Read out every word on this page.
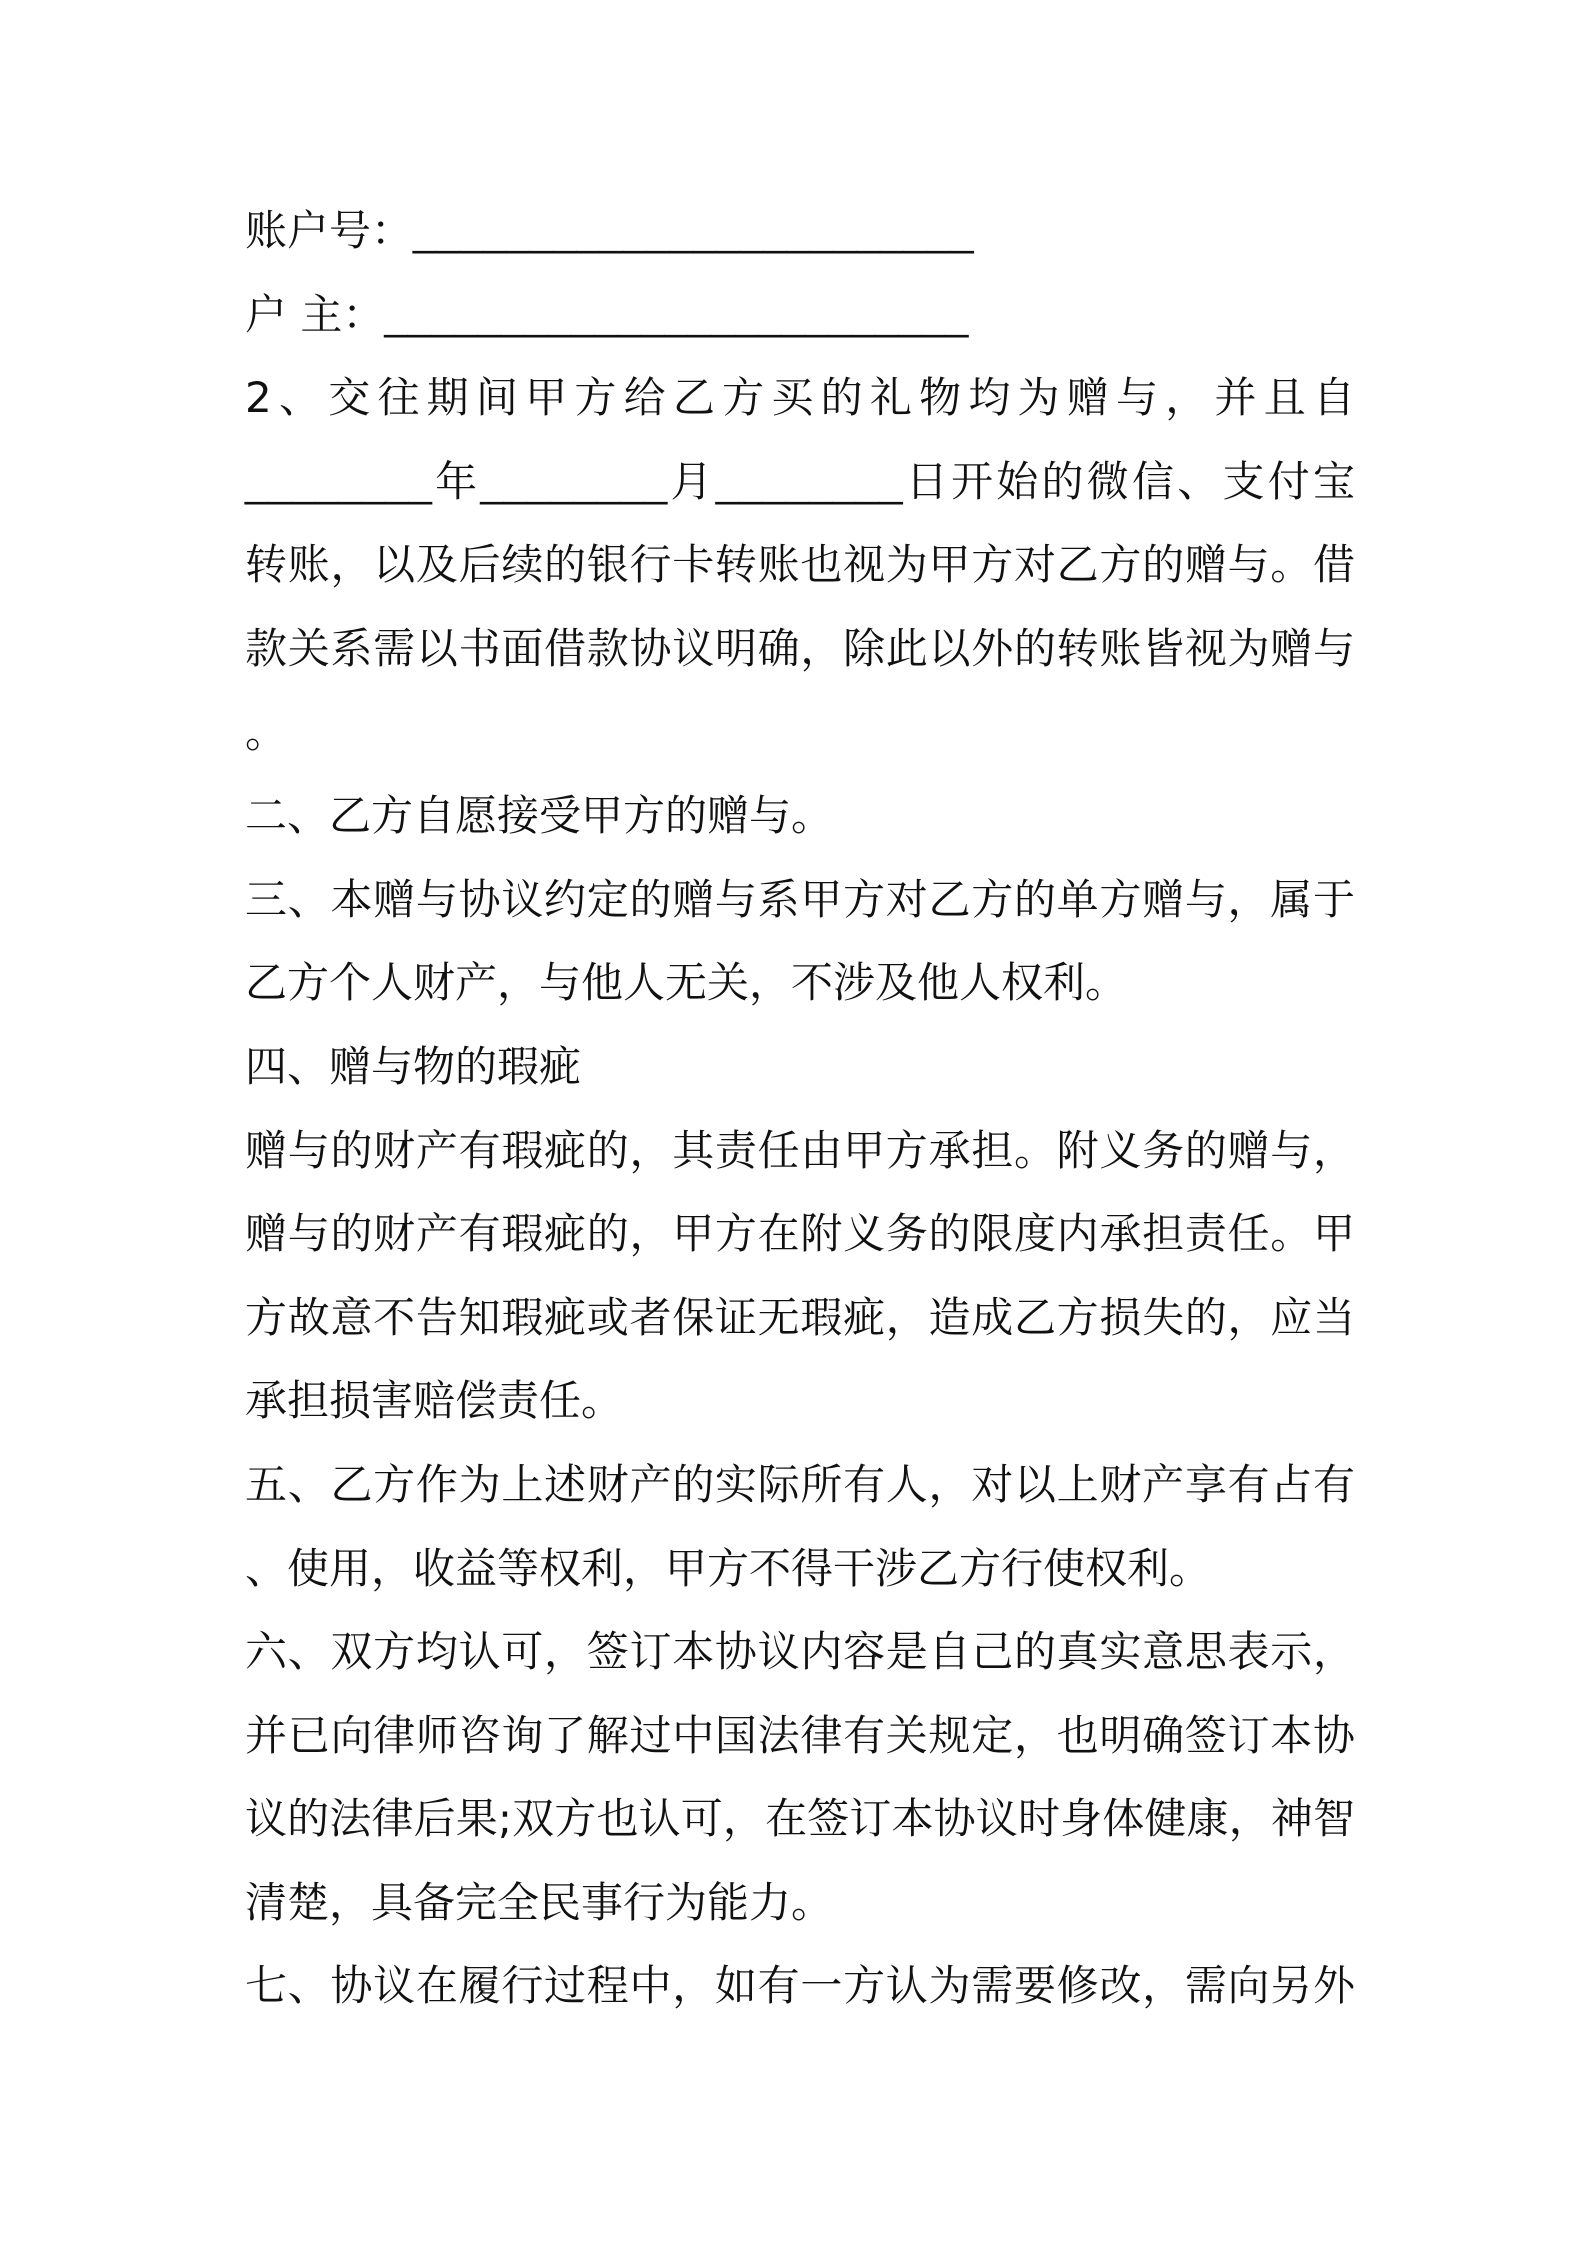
账户号：________________________
户 主：_________________________
2、交往期间甲方给乙方买的礼物均为赠与，并且自
________年________月________日开始的微信、支付宝
转账，以及后续的银行卡转账也视为甲方对乙方的赠与。借
款关系需以书面借款协议明确，除此以外的转账皆视为赠与
。
二、乙方自愿接受甲方的赠与。
三、本赠与协议约定的赠与系甲方对乙方的单方赠与，属于
乙方个人财产，与他人无关，不涉及他人权利。
四、赠与物的瑕疵
赠与的财产有瑕疵的，其责任由甲方承担。附义务的赠与，
赠与的财产有瑕疵的，甲方在附义务的限度内承担责任。甲
方故意不告知瑕疵或者保证无瑕疵，造成乙方损失的，应当
承担损害赔偿责任。
五、乙方作为上述财产的实际所有人，对以上财产享有占有
、使用，收益等权利，甲方不得干涉乙方行使权利。
六、双方均认可，签订本协议内容是自己的真实意思表示，
并已向律师咨询了解过中国法律有关规定，也明确签订本协
议的法律后果;双方也认可，在签订本协议时身体健康，神智
清楚，具备完全民事行为能力。
七、协议在履行过程中，如有一方认为需要修改，需向另外
